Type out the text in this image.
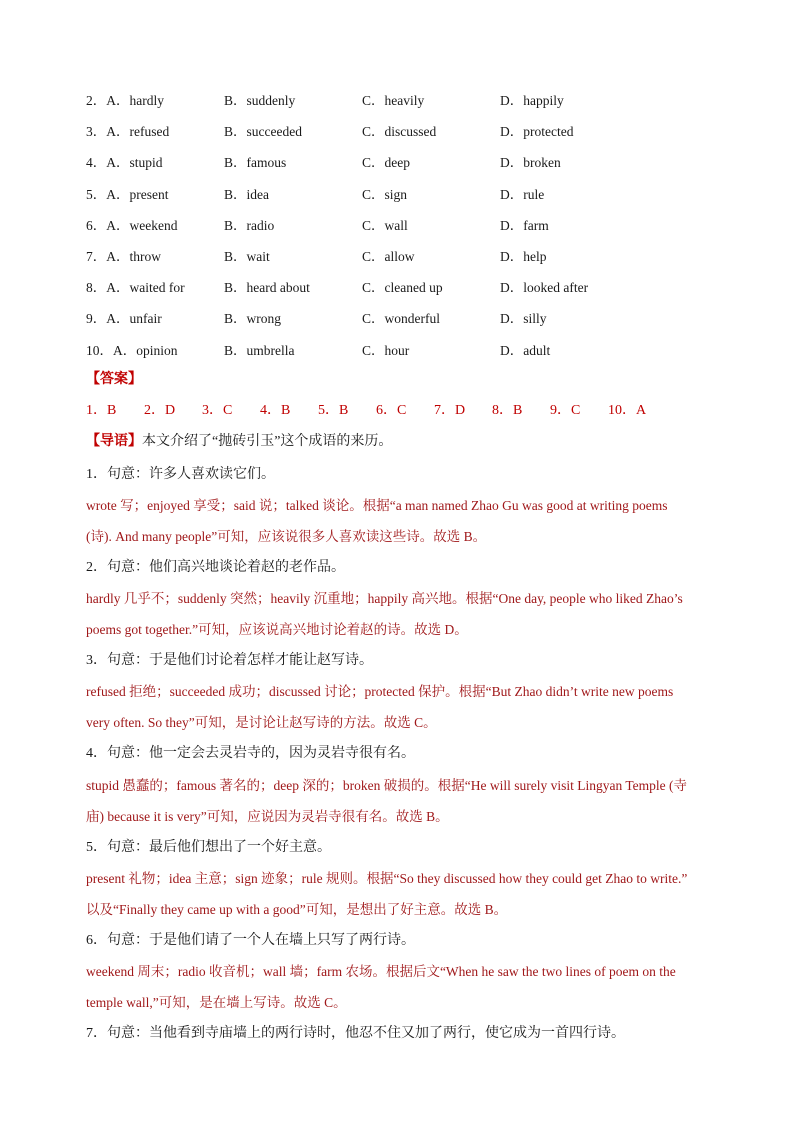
2．A．hardly	B．suddenly	C．heavily	D．happily
3．A．refused	B．succeeded	C．discussed	D．protected
4．A．stupid	B．famous	C．deep	D．broken
5．A．present	B．idea	C．sign	D．rule
6．A．weekend	B．radio	C．wall	D．farm
7．A．throw	B．wait	C．allow	D．help
8．A．waited for	B．heard about	C．cleaned up	D．looked after
9．A．unfair	B．wrong	C．wonderful	D．silly
10．A．opinion	B．umbrella	C．hour	D．adult
【答案】
1．B 2．D 3．C 4．B 5．B 6．C 7．D 8．B 9．C 10．A
【导语】本文介绍了“抛砖引玉”这个成语的来历。
1．句意：许多人喜欢读它们。
wrote 写；enjoyed 享受；said 说；talked 谈论。根据“a man named Zhao Gu was good at writing poems
(诗). And many people”可知，应该说很多人喜欢读这些诗。故选 B。
2．句意：他们高兴地谈论着赵的老作品。
hardly 几乎不；suddenly 突然；heavily 沉重地；happily 高兴地。根据“One day, people who liked Zhao’s
poems got together.”可知，应该说高兴地讨论着赵的诗。故选 D。
3．句意：于是他们讨论着怎样才能让赵写诗。
refused 拒绝；succeeded 成功；discussed 讨论；protected 保护。根据“But Zhao didn’t write new poems
very often. So they”可知，是讨论让赵写诗的方法。故选 C。
4．句意：他一定会去灵岩寺的，因为灵岩寺很有名。
stupid 愚蠢的；famous 著名的；deep 深的；broken 破损的。根据“He will surely visit Lingyan Temple (寺
庙) because it is very”可知，应说因为灵岩寺很有名。故选 B。
5．句意：最后他们想出了一个好主意。
present 礼物；idea 主意；sign 迹象；rule 规则。根据“So they discussed how they could get Zhao to write.”
以及“Finally they came up with a good”可知，是想出了好主意。故选 B。
6．句意：于是他们请了一个人在墙上只写了两行诗。
weekend 周末；radio 收音机；wall 墙；farm 农场。根据后文“When he saw the two lines of poem on the
temple wall,”可知，是在墙上写诗。故选 C。
7．句意：当他看到寺庙墙上的两行诗时，他忍不住又加了两行，使它成为一首四行诗。
